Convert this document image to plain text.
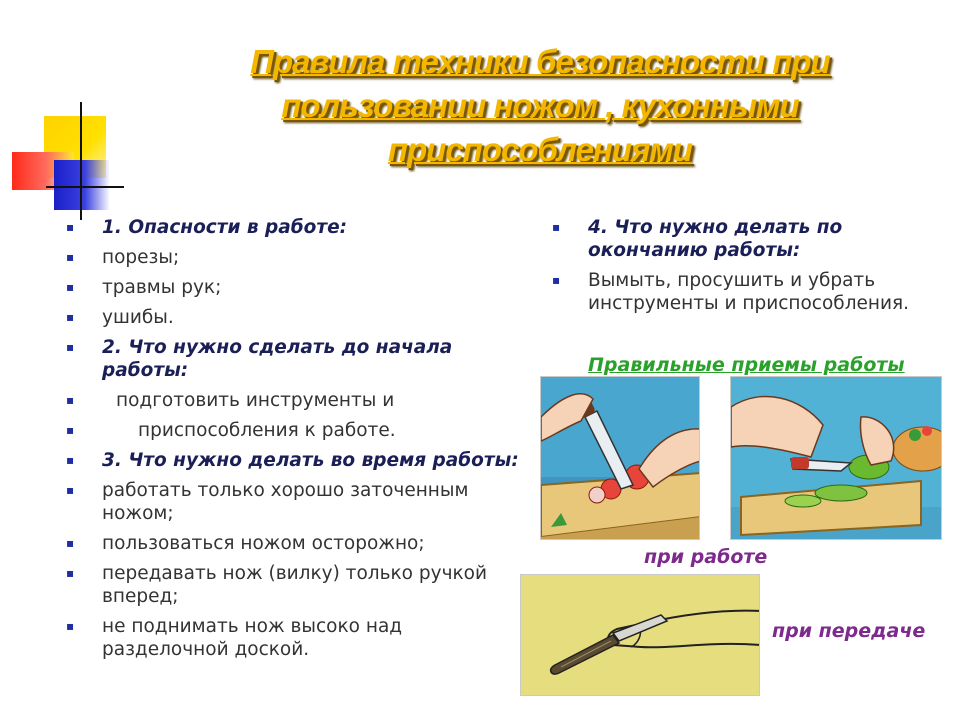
Правила техники безопасности при
пользовании ножом , кухонными
приспособлениями
▪ 1. Опасности в работе:
▪ порезы;
▪ травмы рук;
▪ ушибы.
▪ 2. Что нужно сделать до начала работы:
▪ подготовить инструменты и
▪ приспособления к работе.
▪ 3. Что нужно делать во время работы:
▪ работать только хорошо заточенным ножом;
▪ пользоваться ножом осторожно;
▪ передавать нож (вилку) только ручкой вперед;
▪ не поднимать нож высоко над разделочной доской.
▪ 4. Что нужно делать по окончанию работы:
▪ Вымыть, просушить и убрать инструменты и приспособления.
Правильные приемы работы
при работе
при передаче
